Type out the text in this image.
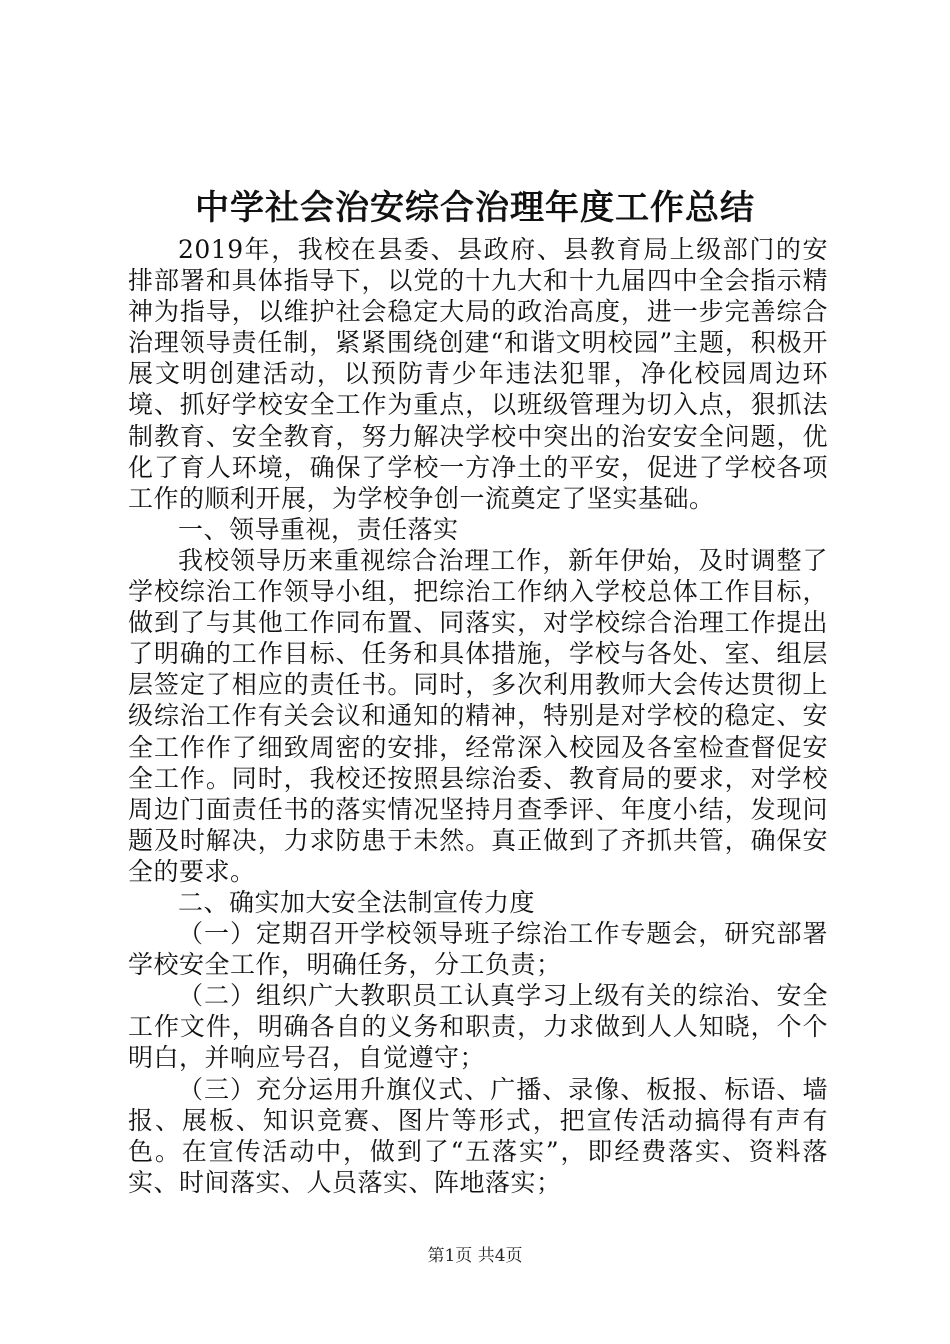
中学社会治安综合治理年度工作总结

2019年，我校在县委、县政府、县教育局上级部门的安排部署和具体指导下，以党的十九大和十九届四中全会指示精神为指导，以维护社会稳定大局的政治高度，进一步完善综合治理领导责任制，紧紧围绕创建“和谐文明校园”主题，积极开展文明创建活动，以预防青少年违法犯罪，净化校园周边环境、抓好学校安全工作为重点，以班级管理为切入点，狠抓法制教育、安全教育，努力解决学校中突出的治安安全问题，优化了育人环境，确保了学校一方净土的平安，促进了学校各项工作的顺利开展，为学校争创一流奠定了坚实基础。

一、领导重视，责任落实

我校领导历来重视综合治理工作，新年伊始，及时调整了学校综治工作领导小组，把综治工作纳入学校总体工作目标，做到了与其他工作同布置、同落实，对学校综合治理工作提出了明确的工作目标、任务和具体措施，学校与各处、室、组层层签定了相应的责任书。同时，多次利用教师大会传达贯彻上级综治工作有关会议和通知的精神，特别是对学校的稳定、安全工作作了细致周密的安排，经常深入校园及各室检查督促安全工作。同时，我校还按照县综治委、教育局的要求，对学校周边门面责任书的落实情况坚持月查季评、年度小结，发现问题及时解决，力求防患于未然。真正做到了齐抓共管，确保安全的要求。

二、确实加大安全法制宣传力度

（一）定期召开学校领导班子综治工作专题会，研究部署学校安全工作，明确任务，分工负责；

（二）组织广大教职员工认真学习上级有关的综治、安全工作文件，明确各自的义务和职责，力求做到人人知晓，个个明白，并响应号召，自觉遵守；

（三）充分运用升旗仪式、广播、录像、板报、标语、墙报、展板、知识竞赛、图片等形式，把宣传活动搞得有声有色。在宣传活动中，做到了“五落实”，即经费落实、资料落实、时间落实、人员落实、阵地落实；

第1页 共4页
